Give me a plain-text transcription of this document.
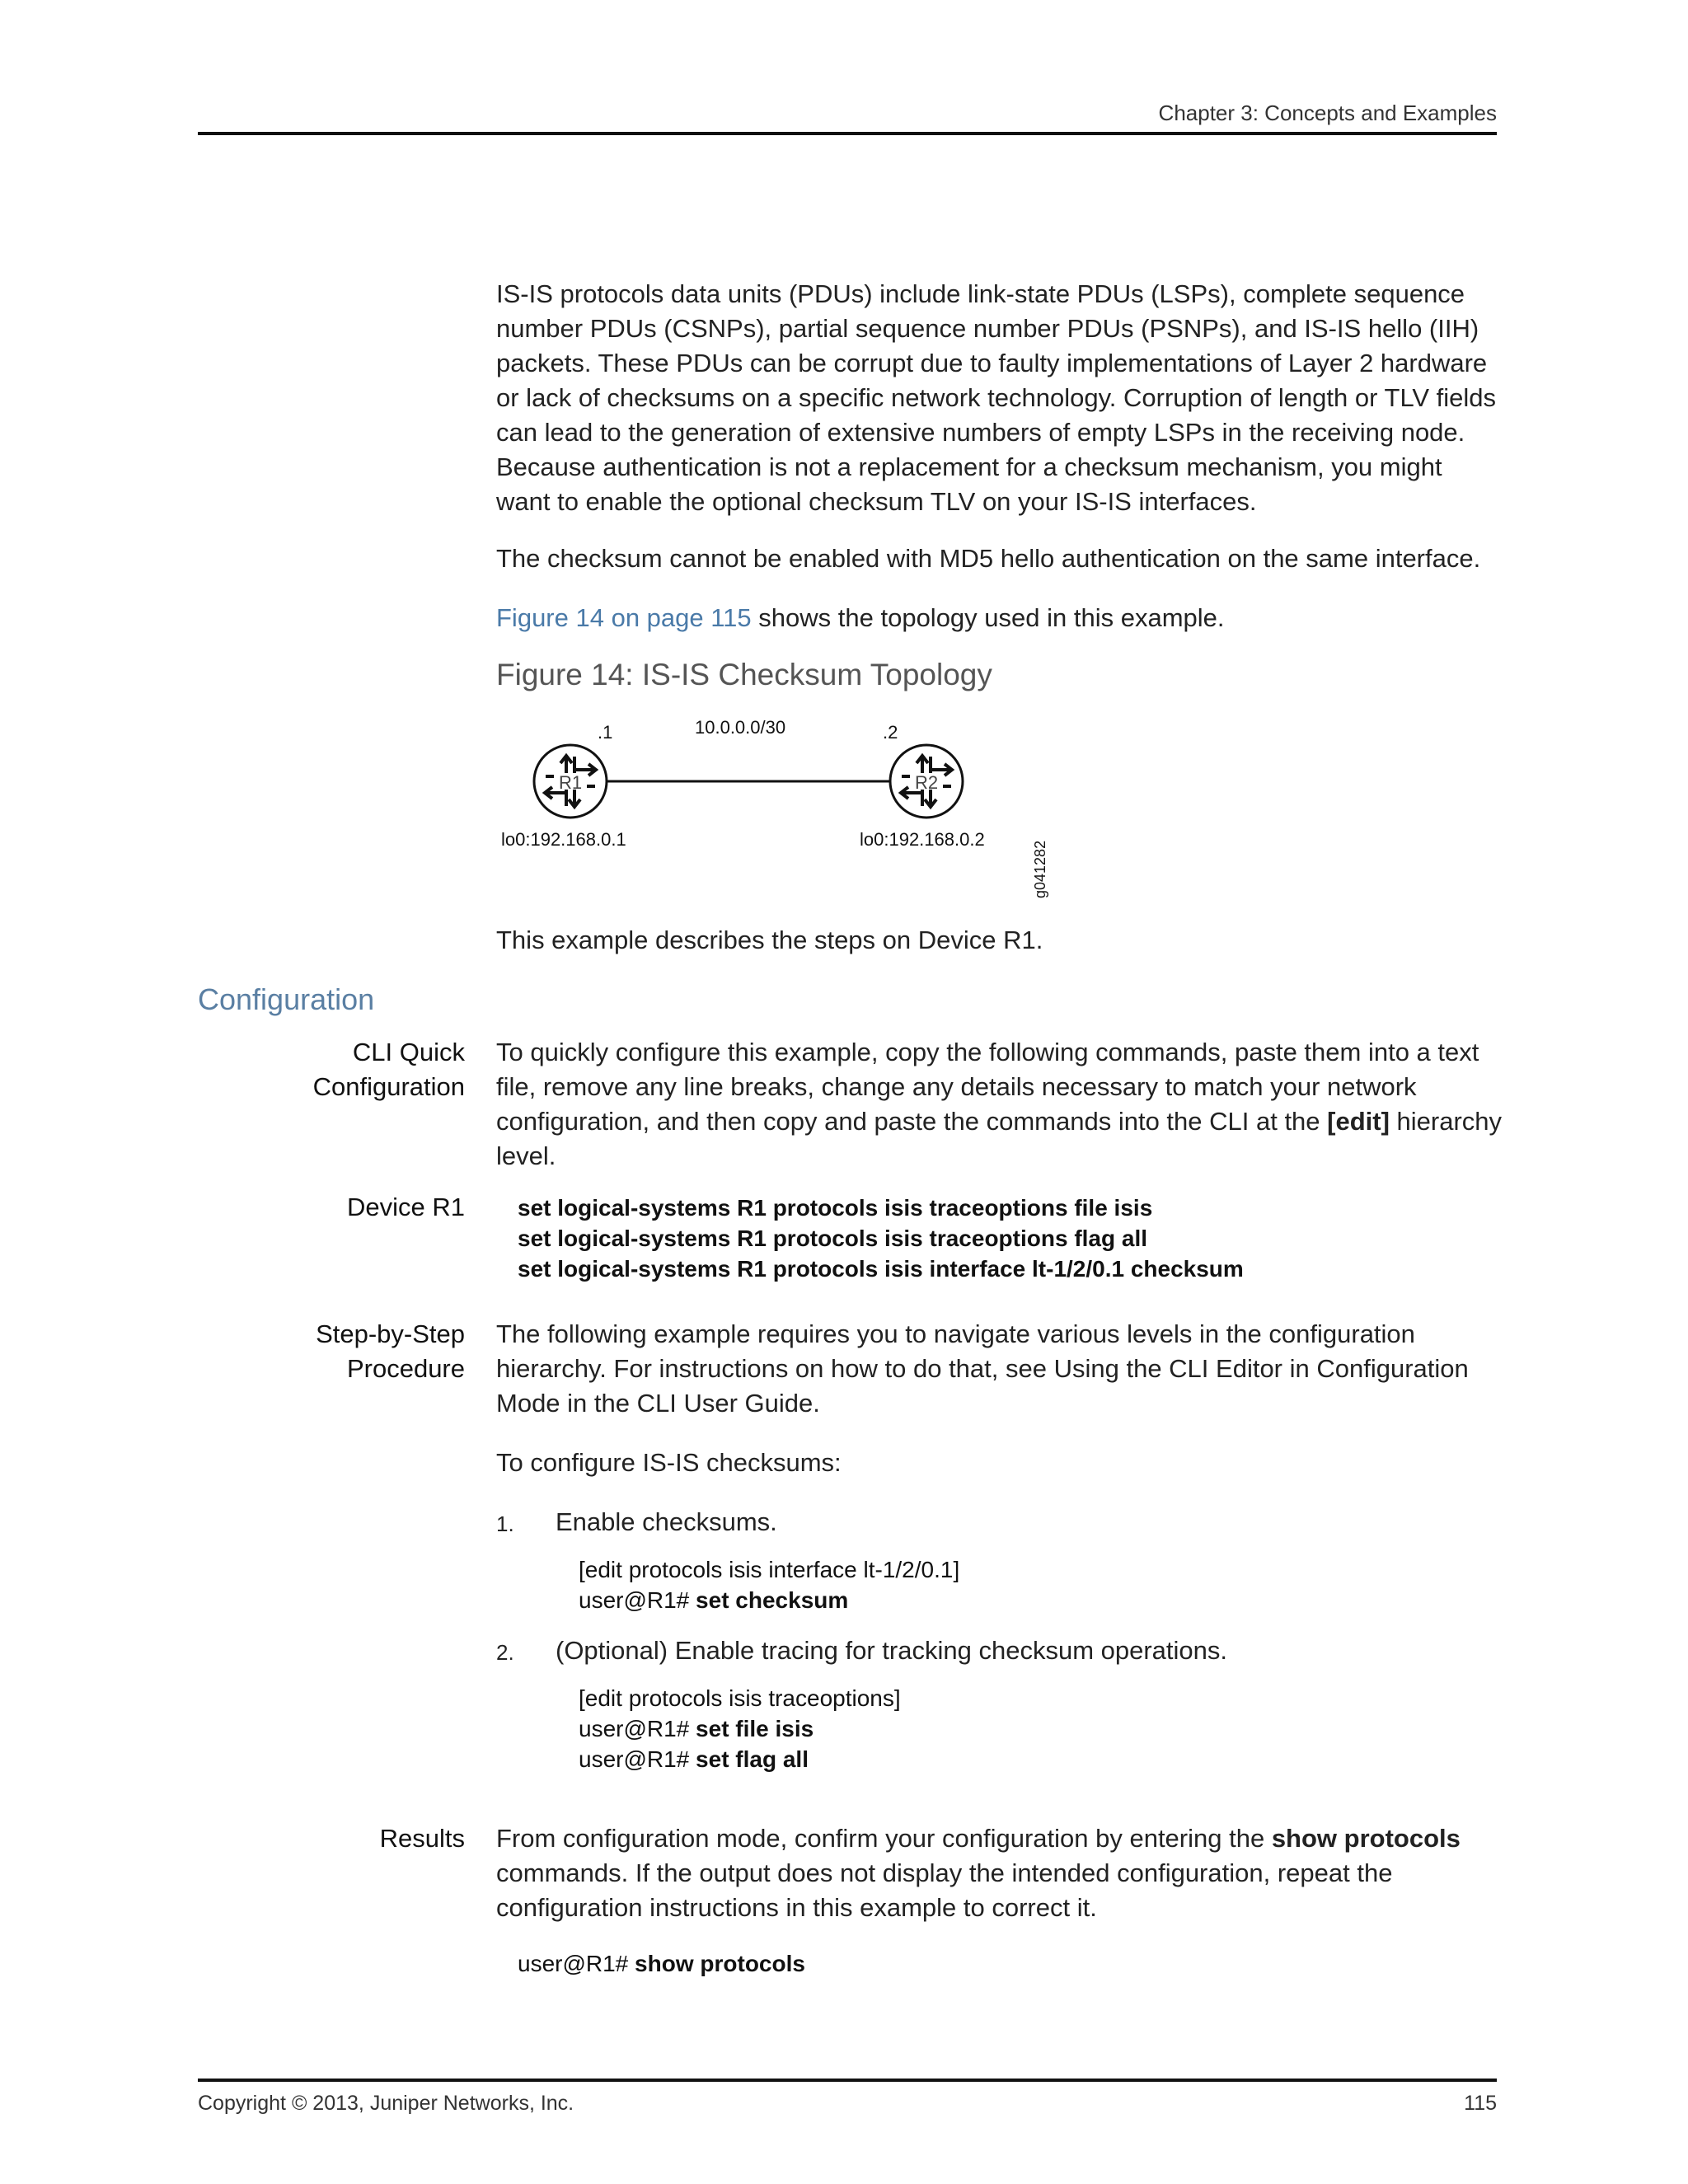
Chapter 3: Concepts and Examples

IS-IS protocols data units (PDUs) include link-state PDUs (LSPs), complete sequence number PDUs (CSNPs), partial sequence number PDUs (PSNPs), and IS-IS hello (IIH) packets. These PDUs can be corrupt due to faulty implementations of Layer 2 hardware or lack of checksums on a specific network technology. Corruption of length or TLV fields can lead to the generation of extensive numbers of empty LSPs in the receiving node. Because authentication is not a replacement for a checksum mechanism, you might want to enable the optional checksum TLV on your IS-IS interfaces.

The checksum cannot be enabled with MD5 hello authentication on the same interface.

Figure 14 on page 115 shows the topology used in this example.

Figure 14: IS-IS Checksum Topology
R1	R2
.1	10.0.0.0/30	.2
lo0:192.168.0.1	lo0:192.168.0.2
g041282

This example describes the steps on Device R1.

Configuration
CLI Quick
Configuration

To quickly configure this example, copy the following commands, paste them into a text file, remove any line breaks, change any details necessary to match your network configuration, and then copy and paste the commands into the CLI at the [edit] hierarchy level.

Device R1 set logical-systems R1 protocols isis traceoptions file isis
set logical-systems R1 protocols isis traceoptions flag all
set logical-systems R1 protocols isis interface lt-1/2/0.1 checksum
Step-by-Step
Procedure

The following example requires you to navigate various levels in the configuration hierarchy. For instructions on how to do that, see Using the CLI Editor in Configuration Mode in the CLI User Guide.

To configure IS-IS checksums:

1. Enable checksums.
[edit protocols isis interface lt-1/2/0.1]
user@R1# set checksum
2. (Optional) Enable tracing for tracking checksum operations.
[edit protocols isis traceoptions]
user@R1# set file isis
user@R1# set flag all
Results From configuration mode, confirm your configuration by entering the show protocols commands. If the output does not display the intended configuration, repeat the configuration instructions in this example to correct it.

user@R1# show protocols
Copyright © 2013, Juniper Networks, Inc.	115
